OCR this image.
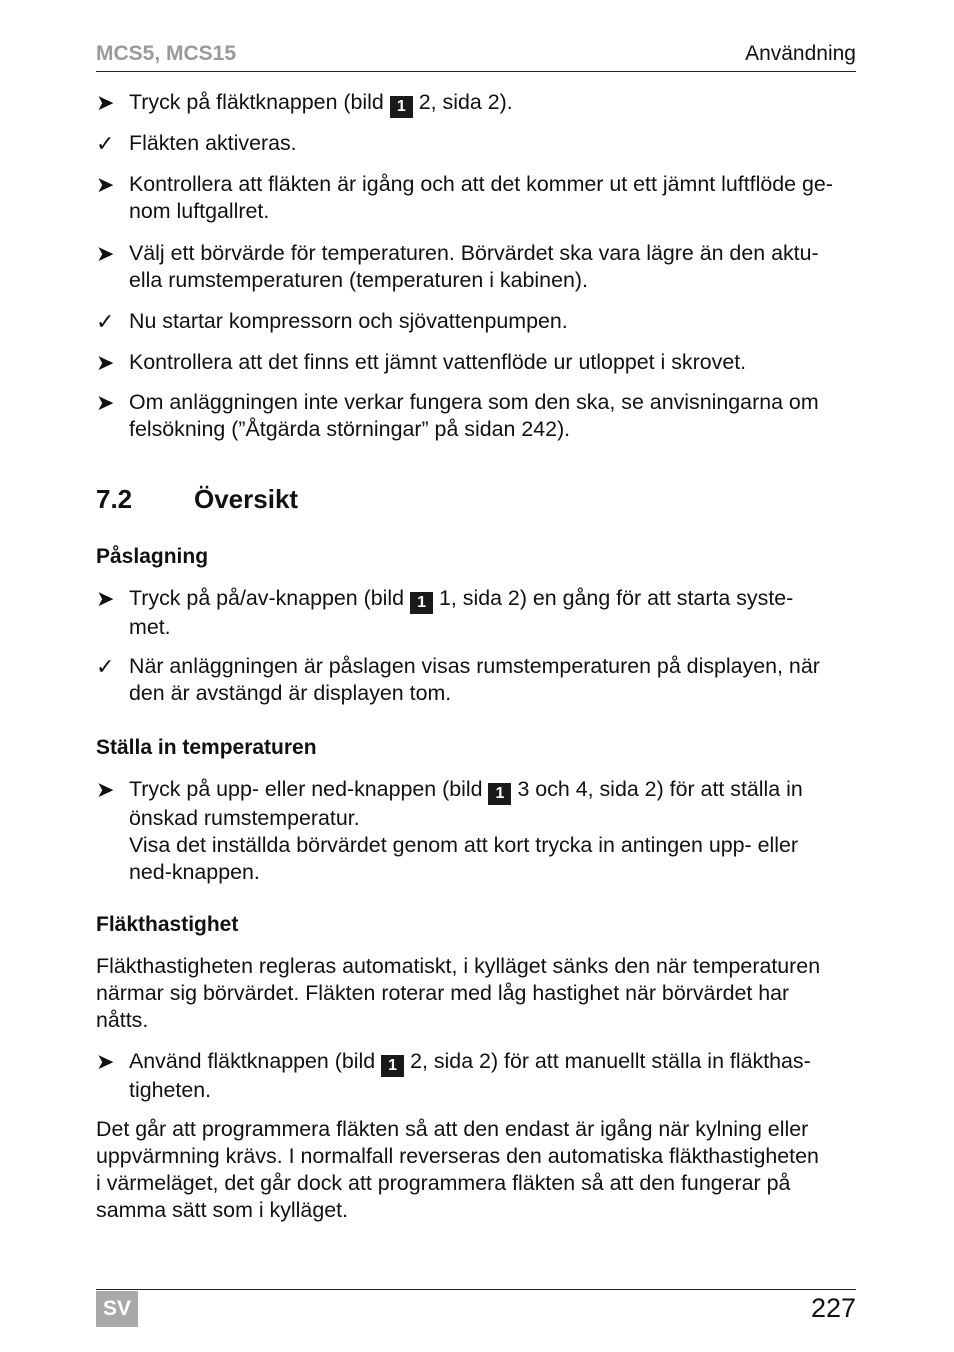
MCS5, MCS15	Användning
➤ Tryck på fläktknappen (bild 1 2, sida 2).
✓ Fläkten aktiveras.
➤ Kontrollera att fläkten är igång och att det kommer ut ett jämnt luftflöde ge-
nom luftgallret.
➤ Välj ett börvärde för temperaturen. Börvärdet ska vara lägre än den aktu-
ella rumstemperaturen (temperaturen i kabinen).
✓ Nu startar kompressorn och sjövattenpumpen.
➤ Kontrollera att det finns ett jämnt vattenflöde ur utloppet i skrovet.
➤ Om anläggningen inte verkar fungera som den ska, se anvisningarna om
felsökning (”Åtgärda störningar” på sidan 242).
7.2 Översikt
Påslagning
➤ Tryck på på/av-knappen (bild 1 1, sida 2) en gång för att starta syste-
met.
✓ När anläggningen är påslagen visas rumstemperaturen på displayen, när
den är avstängd är displayen tom.
Ställa in temperaturen
➤ Tryck på upp- eller ned-knappen (bild 1 3 och 4, sida 2) för att ställa in
önskad rumstemperatur.
Visa det inställda börvärdet genom att kort trycka in antingen upp- eller
ned-knappen.
Fläkthastighet
Fläkthastigheten regleras automatiskt, i kylläget sänks den när temperaturen
närmar sig börvärdet. Fläkten roterar med låg hastighet när börvärdet har
nåtts.
➤ Använd fläktknappen (bild 1 2, sida 2) för att manuellt ställa in fläkthas-
tigheten.
Det går att programmera fläkten så att den endast är igång när kylning eller
uppvärmning krävs. I normalfall reverseras den automatiska fläkthastigheten
i värmeläget, det går dock att programmera fläkten så att den fungerar på
samma sätt som i kylläget.
SV	227
